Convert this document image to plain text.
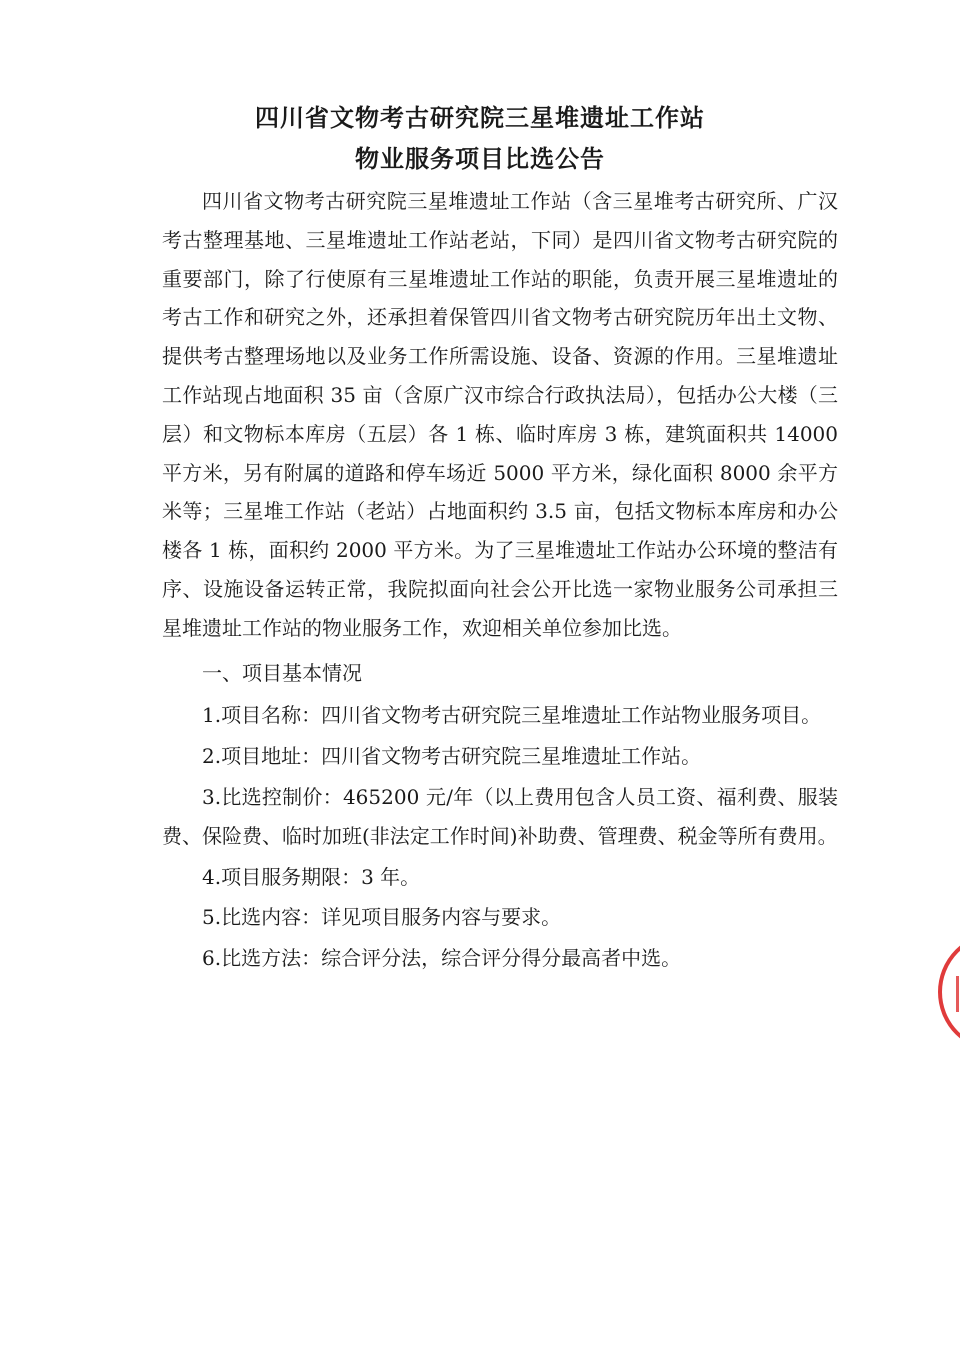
四川省文物考古研究院三星堆遗址工作站
物业服务项目比选公告

四川省文物考古研究院三星堆遗址工作站（含三星堆考古研究所、广汉考古整理基地、三星堆遗址工作站老站，下同）是四川省文物考古研究院的重要部门，除了行使原有三星堆遗址工作站的职能，负责开展三星堆遗址的考古工作和研究之外，还承担着保管四川省文物考古研究院历年出土文物、提供考古整理场地以及业务工作所需设施、设备、资源的作用。三星堆遗址工作站现占地面积 35 亩（含原广汉市综合行政执法局），包括办公大楼（三层）和文物标本库房（五层）各 1 栋、临时库房 3 栋，建筑面积共 14000 平方米，另有附属的道路和停车场近 5000 平方米，绿化面积 8000 余平方米等；三星堆工作站（老站）占地面积约 3.5 亩，包括文物标本库房和办公楼各 1 栋，面积约 2000 平方米。为了三星堆遗址工作站办公环境的整洁有序、设施设备运转正常，我院拟面向社会公开比选一家物业服务公司承担三星堆遗址工作站的物业服务工作，欢迎相关单位参加比选。

一、项目基本情况

1.项目名称：四川省文物考古研究院三星堆遗址工作站物业服务项目。

2.项目地址：四川省文物考古研究院三星堆遗址工作站。

3.比选控制价：465200 元/年（以上费用包含人员工资、福利费、服装费、保险费、临时加班(非法定工作时间)补助费、管理费、税金等所有费用。

4.项目服务期限：3 年。

5.比选内容：详见项目服务内容与要求。

6.比选方法：综合评分法，综合评分得分最高者中选。
